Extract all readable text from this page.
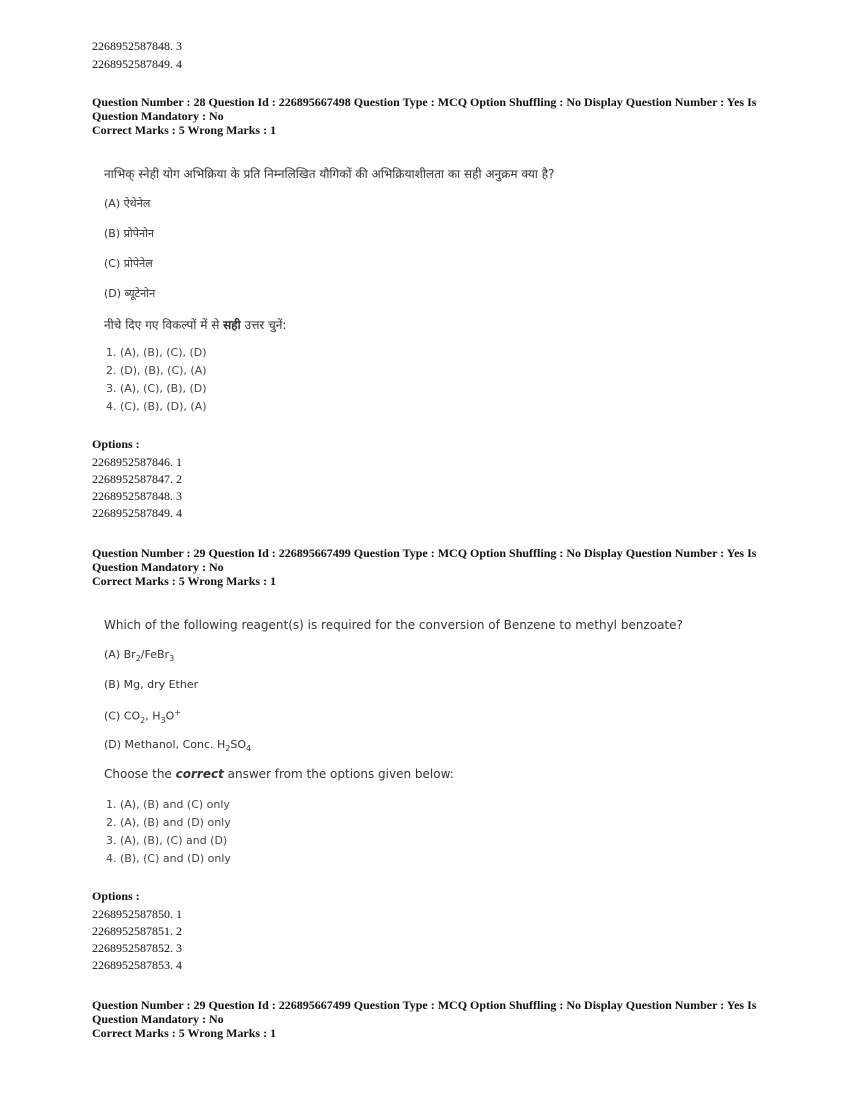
2268952587848. 3
2268952587849. 4
Question Number : 28 Question Id : 226895667498 Question Type : MCQ Option Shuffling : No Display Question Number : Yes Is
Question Mandatory : No
Correct Marks : 5 Wrong Marks : 1
नाभिक् स्नेही योग अभिक्रिया के प्रति निम्नलिखित यौगिकों की अभिक्रियाशीलता का सही अनुक्रम क्या है?
(A) ऐथेनेल
(B) प्रोपेनोन
(C) प्रोपेनेल
(D) ब्यूटेनोन
नीचे दिए गए विकल्पों में से सही उत्तर चुनें:
1. (A), (B), (C), (D)
2. (D), (B), (C), (A)
3. (A), (C), (B), (D)
4. (C), (B), (D), (A)
Options :
2268952587846. 1
2268952587847. 2
2268952587848. 3
2268952587849. 4
Question Number : 29 Question Id : 226895667499 Question Type : MCQ Option Shuffling : No Display Question Number : Yes Is
Question Mandatory : No
Correct Marks : 5 Wrong Marks : 1
Which of the following reagent(s) is required for the conversion of Benzene to methyl benzoate?
(A) $Br_2/FeBr_3$
(B) Mg, dry Ether
(C) $CO_2$, $H_3O^+$
(D) Methanol, Conc. $H_2SO_4$
Choose the correct answer from the options given below:
1. (A), (B) and (C) only
2. (A), (B) and (D) only
3. (A), (B), (C) and (D)
4. (B), (C) and (D) only
Options :
2268952587850. 1
2268952587851. 2
2268952587852. 3
2268952587853. 4
Question Number : 29 Question Id : 226895667499 Question Type : MCQ Option Shuffling : No Display Question Number : Yes Is
Question Mandatory : No
Correct Marks : 5 Wrong Marks : 1
